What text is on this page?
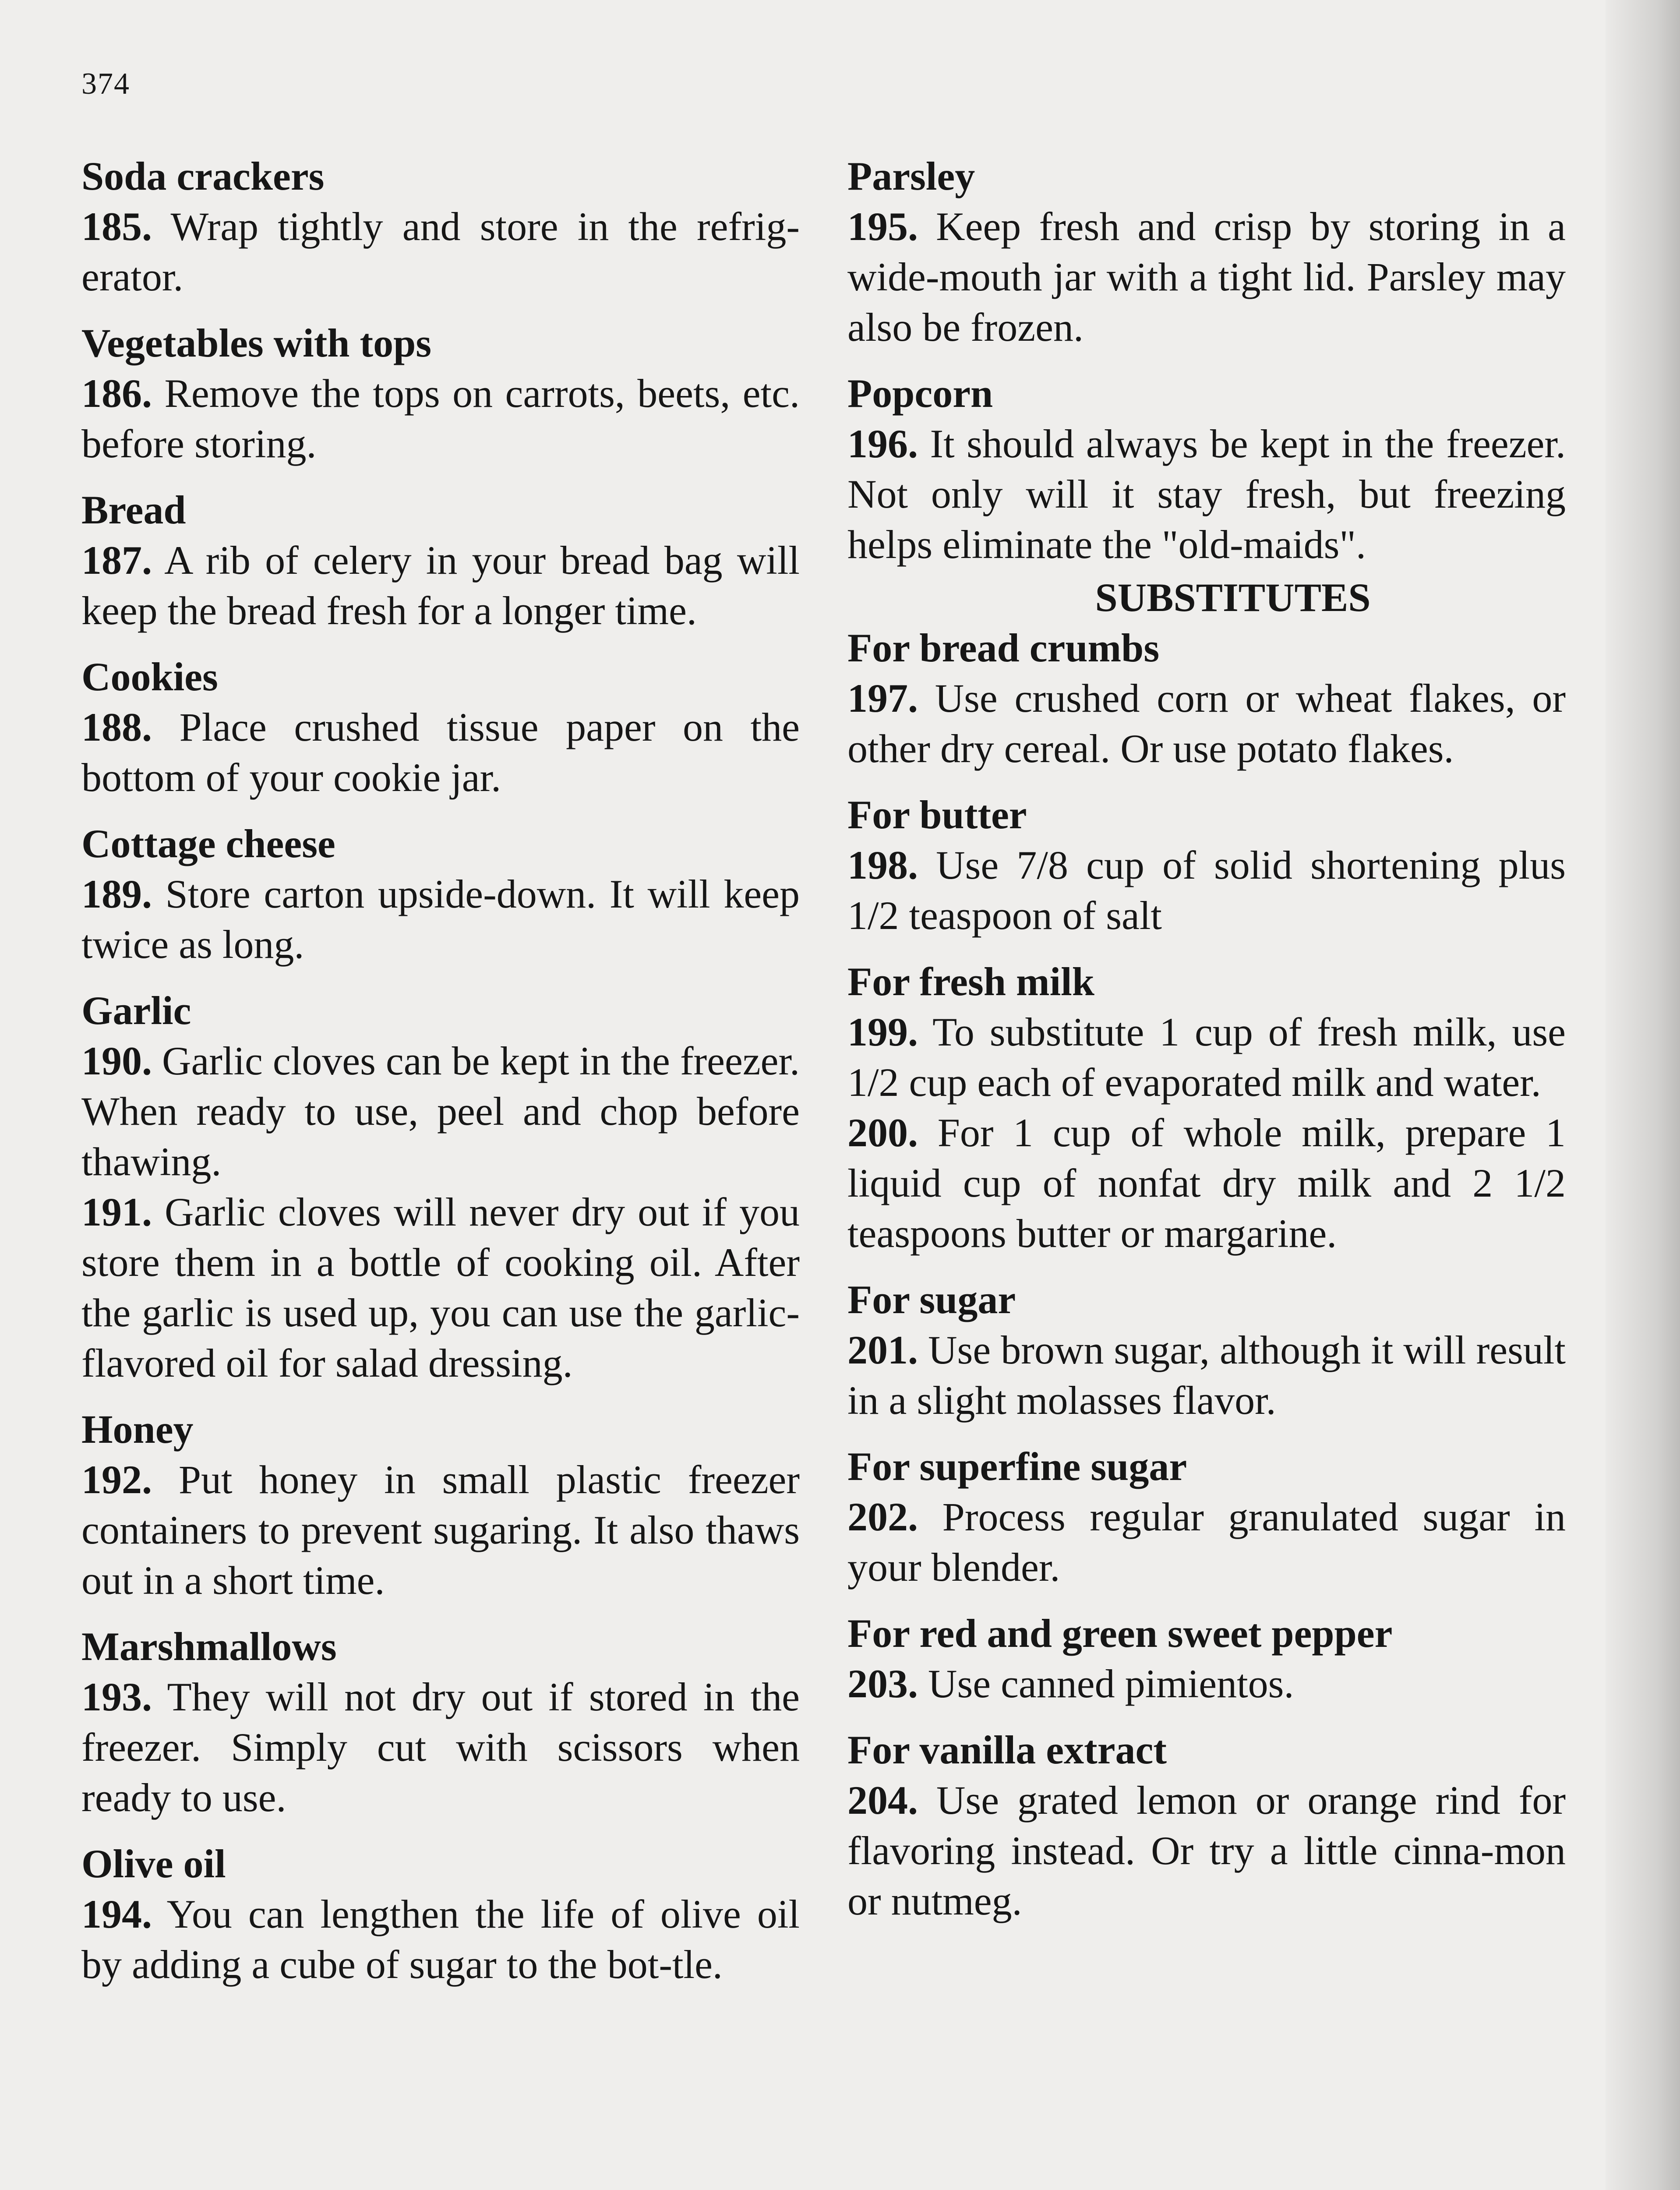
374
Soda crackers

185. Wrap tightly and store in the refrig-erator.

Vegetables with tops

186. Remove the tops on carrots, beets, etc. before storing.

Bread

187. A rib of celery in your bread bag will keep the bread fresh for a longer time.

Cookies

188. Place crushed tissue paper on the bottom of your cookie jar.

Cottage cheese

189. Store carton upside-down. It will keep twice as long.

Garlic

190. Garlic cloves can be kept in the freezer. When ready to use, peel and chop before thawing.

191. Garlic cloves will never dry out if you store them in a bottle of cooking oil. After the garlic is used up, you can use the garlic-flavored oil for salad dressing.

Honey

192. Put honey in small plastic freezer containers to prevent sugaring. It also thaws out in a short time.

Marshmallows

193. They will not dry out if stored in the freezer. Simply cut with scissors when ready to use.

Olive oil

194. You can lengthen the life of olive oil by adding a cube of sugar to the bot-tle.

Parsley

195. Keep fresh and crisp by storing in a wide-mouth jar with a tight lid. Parsley may also be frozen.

Popcorn

196. It should always be kept in the freezer. Not only will it stay fresh, but freezing helps eliminate the "old-maids".

SUBSTITUTES
For bread crumbs

197. Use crushed corn or wheat flakes, or other dry cereal. Or use potato flakes.

For butter

198. Use 7/8 cup of solid shortening plus 1/2 teaspoon of salt

For fresh milk

199. To substitute 1 cup of fresh milk, use 1/2 cup each of evaporated milk and water.

200. For 1 cup of whole milk, prepare 1 liquid cup of nonfat dry milk and 2 1/2 teaspoons butter or margarine.

For sugar

201. Use brown sugar, although it will result in a slight molasses flavor.

For superfine sugar

202. Process regular granulated sugar in your blender.

For red and green sweet pepper

203. Use canned pimientos.

For vanilla extract

204. Use grated lemon or orange rind for flavoring instead. Or try a little cinna-mon or nutmeg.
